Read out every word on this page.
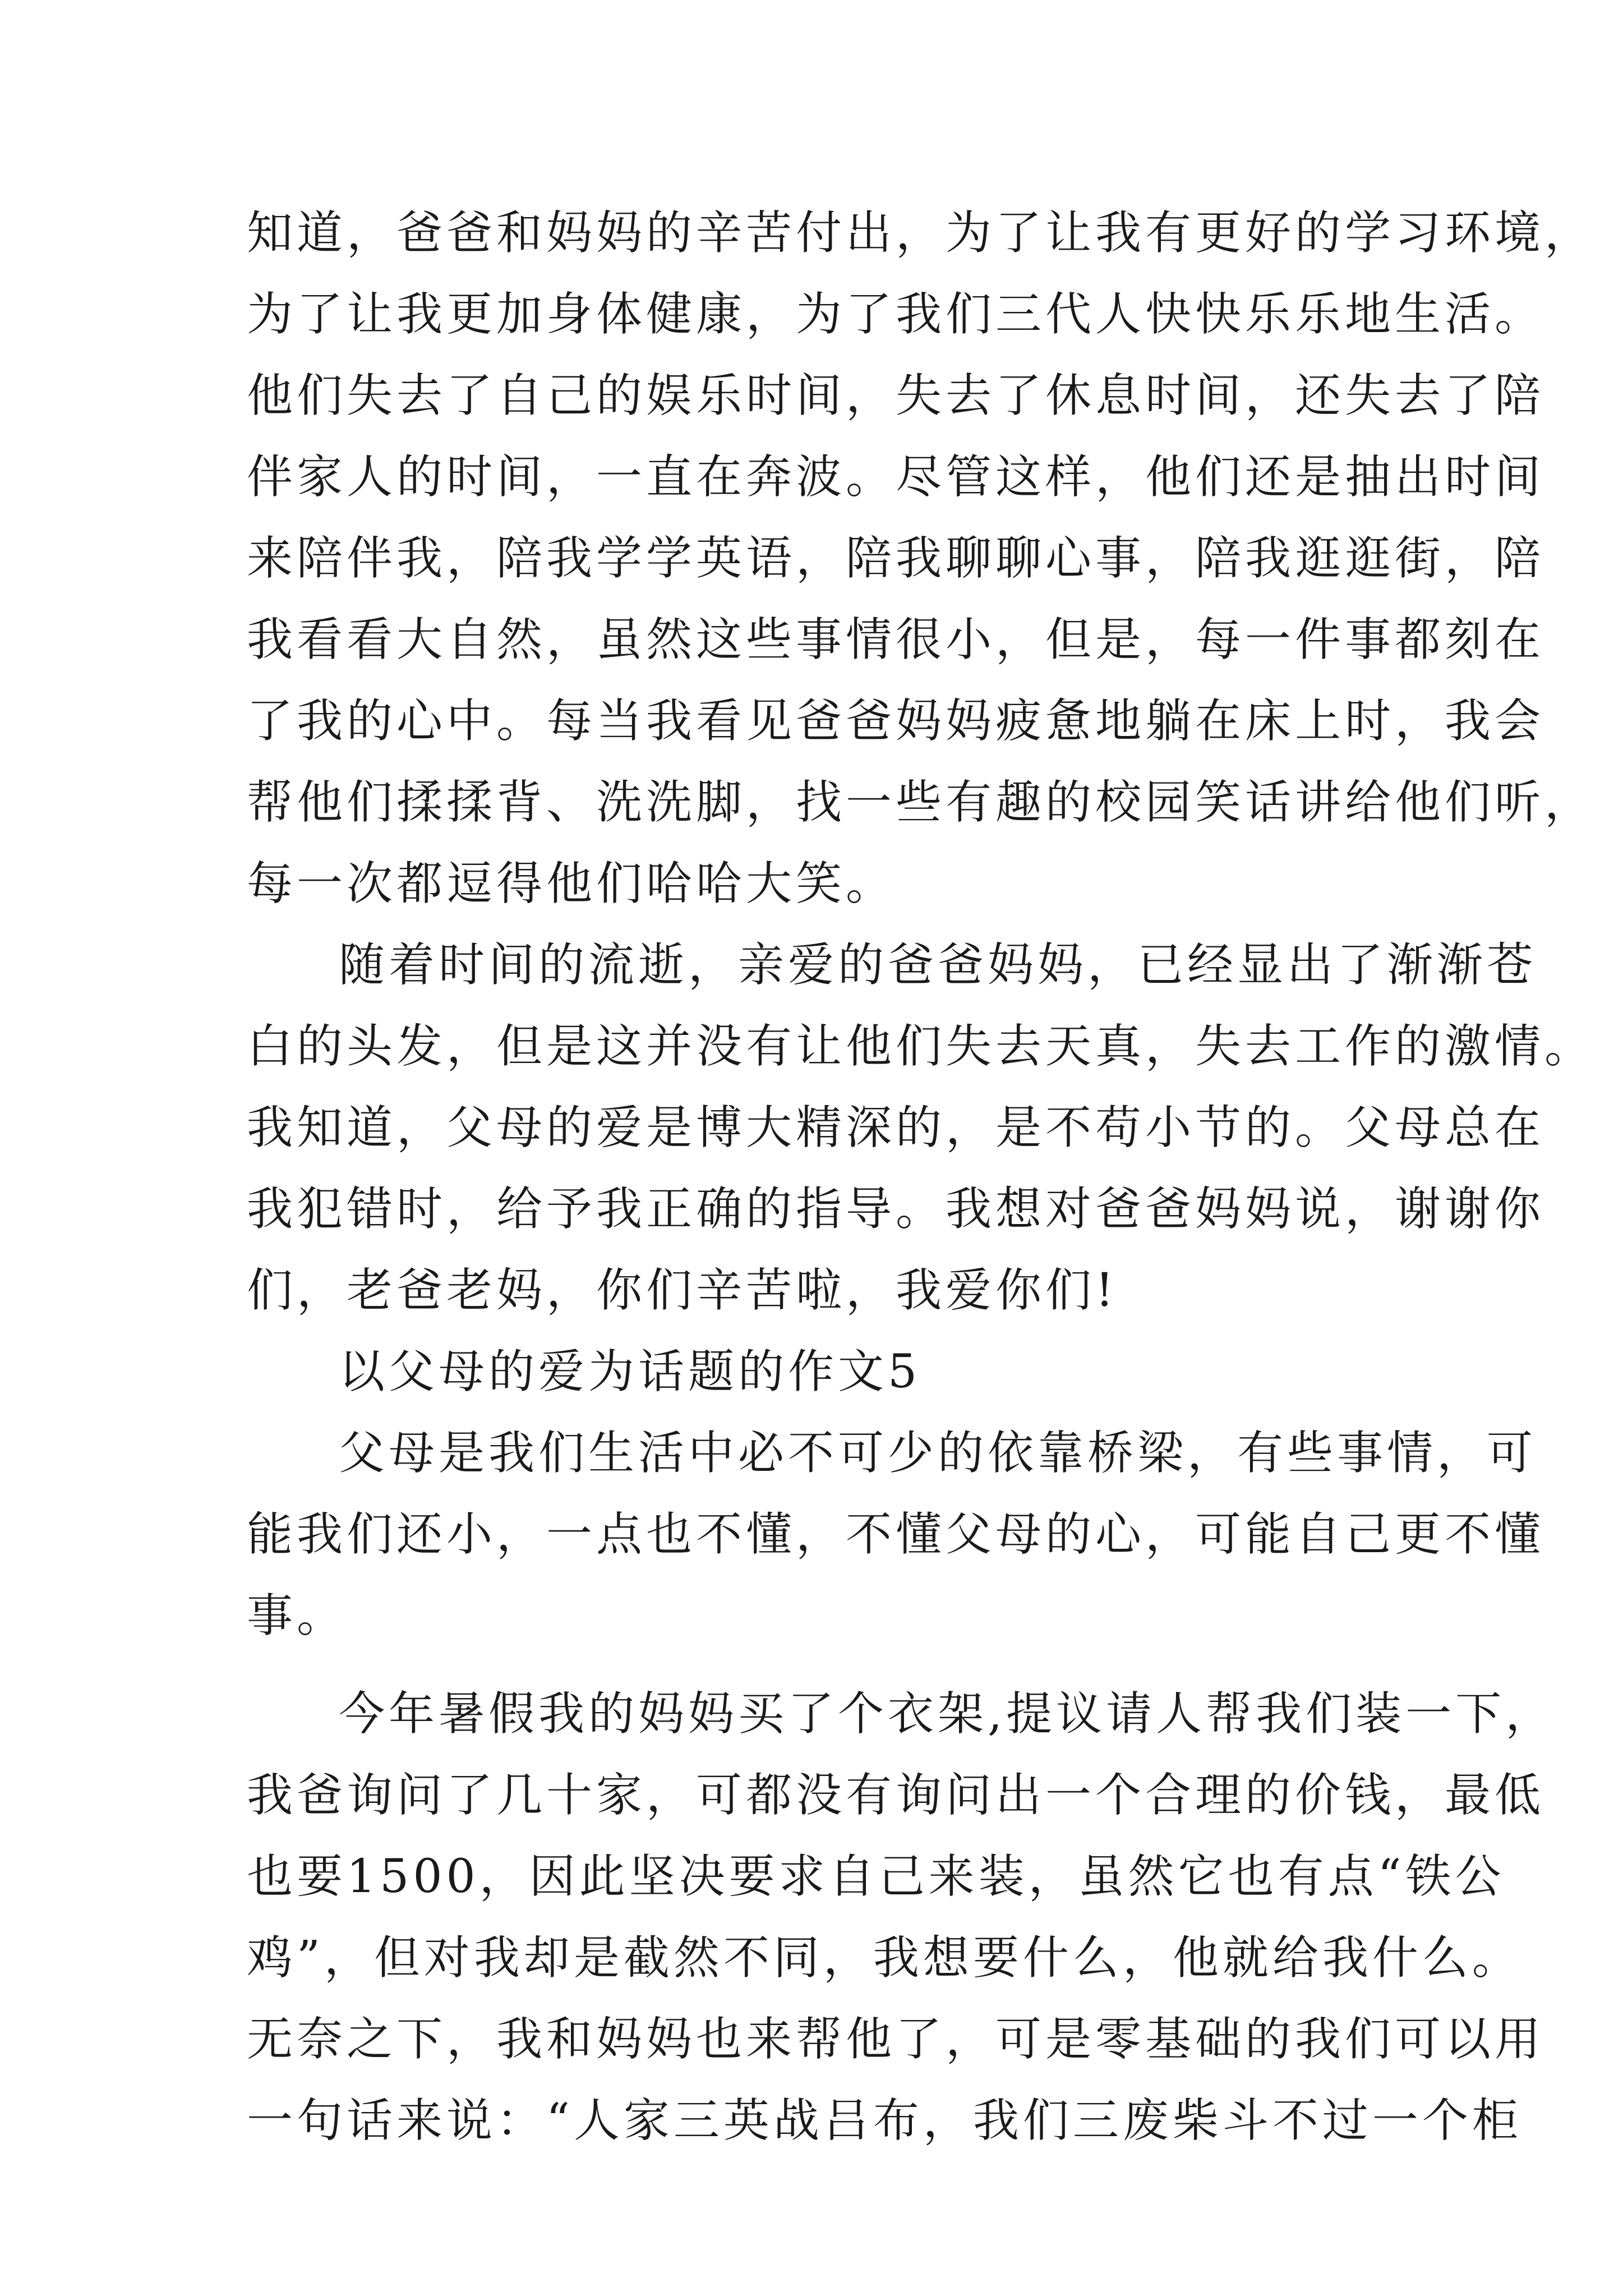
知道，爸爸和妈妈的辛苦付出，为了让我有更好的学习环境，
为了让我更加身体健康，为了我们三代人快快乐乐地生活。
他们失去了自己的娱乐时间，失去了休息时间，还失去了陪
伴家人的时间，一直在奔波。尽管这样，他们还是抽出时间
来陪伴我，陪我学学英语，陪我聊聊心事，陪我逛逛街，陪
我看看大自然，虽然这些事情很小，但是，每一件事都刻在
了我的心中。每当我看见爸爸妈妈疲惫地躺在床上时，我会
帮他们揉揉背、洗洗脚，找一些有趣的校园笑话讲给他们听，
每一次都逗得他们哈哈大笑。
随着时间的流逝，亲爱的爸爸妈妈，已经显出了渐渐苍
白的头发，但是这并没有让他们失去天真，失去工作的激情。
我知道，父母的爱是博大精深的，是不苟小节的。父母总在
我犯错时，给予我正确的指导。我想对爸爸妈妈说，谢谢你
们，老爸老妈，你们辛苦啦，我爱你们!
以父母的爱为话题的作文5
父母是我们生活中必不可少的依靠桥梁，有些事情，可
能我们还小，一点也不懂，不懂父母的心，可能自己更不懂
事。
今年暑假我的妈妈买了个衣架,提议请人帮我们装一下，
我爸询问了几十家，可都没有询问出一个合理的价钱，最低
也要1500，因此坚决要求自己来装，虽然它也有点“铁公
鸡”，但对我却是截然不同，我想要什么，他就给我什么。
无奈之下，我和妈妈也来帮他了，可是零基础的我们可以用
一句话来说：“人家三英战吕布，我们三废柴斗不过一个柜
